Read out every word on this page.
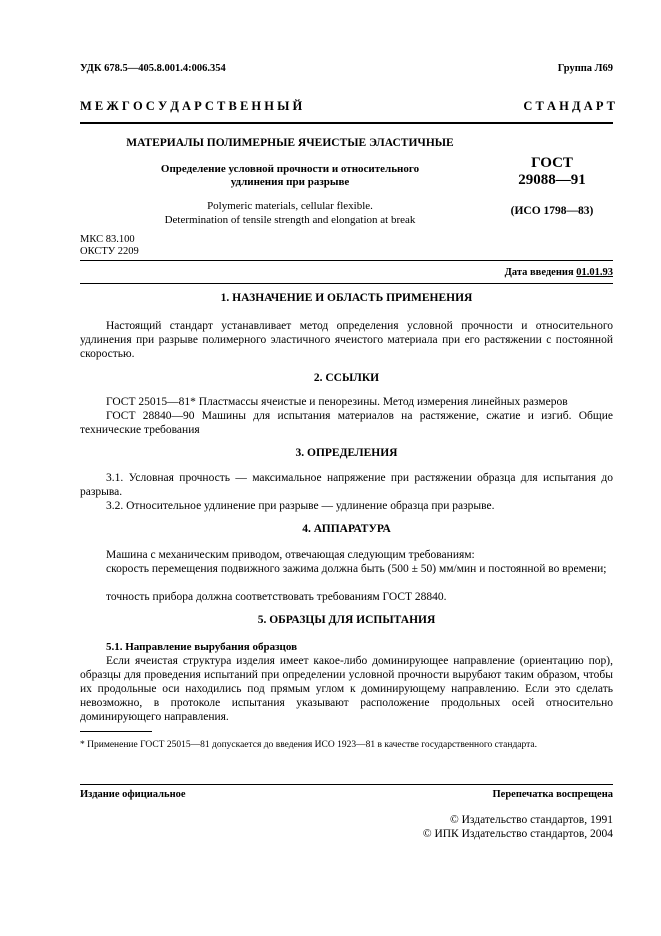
УДК 678.5—405.8.001.4:006.354	Группа Л69
М Е Ж Г О С У Д А Р С Т В Е Н Н Ы Й	С Т А Н Д А Р Т
МАТЕРИАЛЫ ПОЛИМЕРНЫЕ ЯЧЕИСТЫЕ ЭЛАСТИЧНЫЕ
Определение условной прочности и относительного
удлинения при разрыве
Polymeric materials, cellular flexible.
Determination of tensile strength and elongation at break
ГОСТ
29088—91
(ИСО 1798—83)
МКС 83.100
ОКСТУ 2209
Дата введения 01.01.93
1. НАЗНАЧЕНИЕ И ОБЛАСТЬ ПРИМЕНЕНИЯ
Настоящий стандарт устанавливает метод определения условной прочности и относительного удлинения при разрыве полимерного эластичного ячеистого материала при его растяжении с постоянной скоростью.
2. ССЫЛКИ
ГОСТ 25015—81* Пластмассы ячеистые и пенорезины. Метод измерения линейных размеров
ГОСТ 28840—90 Машины для испытания материалов на растяжение, сжатие и изгиб. Общие технические требования
3. ОПРЕДЕЛЕНИЯ
3.1. Условная прочность — максимальное напряжение при растяжении образца для испытания до разрыва.
3.2. Относительное удлинение при разрыве — удлинение образца при разрыве.
4. АППАРАТУРА
Машина с механическим приводом, отвечающая следующим требованиям:
скорость перемещения подвижного зажима должна быть (500 ± 50) мм/мин и постоянной во времени;
точность прибора должна соответствовать требованиям ГОСТ 28840.
5. ОБРАЗЦЫ ДЛЯ ИСПЫТАНИЯ
5.1. Направление вырубания образцов
Если ячеистая структура изделия имеет какое-либо доминирующее направление (ориентацию пор), образцы для проведения испытаний при определении условной прочности вырубают таким образом, чтобы их продольные оси находились под прямым углом к доминирующему направлению. Если это сделать невозможно, в протоколе испытания указывают расположение продольных осей относительно доминирующего направления.
* Применение ГОСТ 25015—81 допускается до введения ИСО 1923—81 в качестве государственного стандарта.
Издание официальное	Перепечатка воспрещена
© Издательство стандартов, 1991
© ИПК Издательство стандартов, 2004
